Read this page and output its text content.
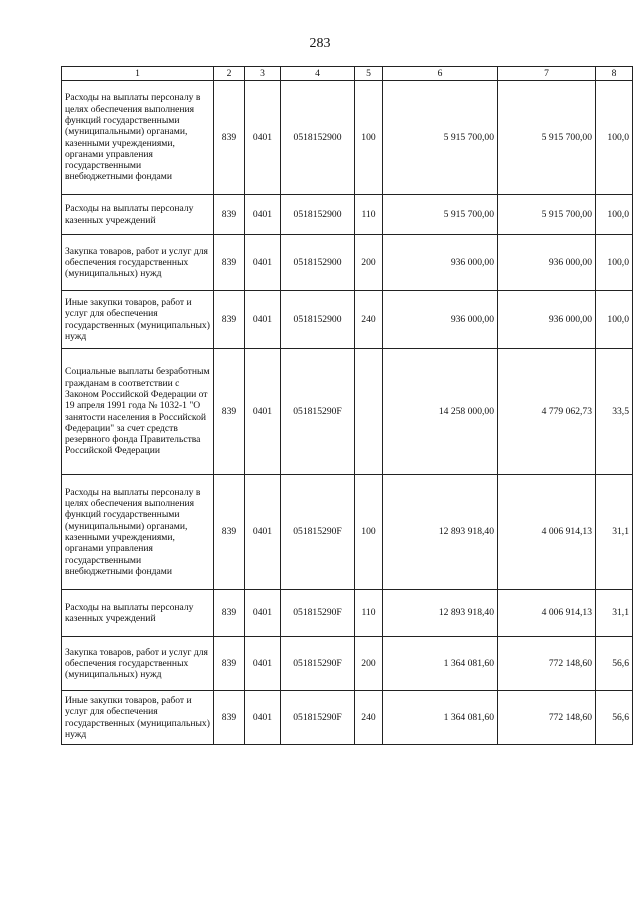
283
1	2	3	4	5	6	7	8
Расходы на выплаты персоналу в целях обеспечения выполнения функций государственными (муниципальными) органами, казенными учреждениями, органами управления государственными внебюджетными фондами	839	0401	0518152900	100	5 915 700,00	5 915 700,00	100,0
Расходы на выплаты персоналу казенных учреждений	839	0401	0518152900	110	5 915 700,00	5 915 700,00	100,0
Закупка товаров, работ и услуг для обеспечения государственных (муниципальных) нужд	839	0401	0518152900	200	936 000,00	936 000,00	100,0
Иные закупки товаров, работ и услуг для обеспечения государственных (муниципальных) нужд	839	0401	0518152900	240	936 000,00	936 000,00	100,0
Социальные выплаты безработным гражданам в соответствии с Законом Российской Федерации от 19 апреля 1991 года № 1032-1 "О занятости населения в Российской Федерации" за счет средств резервного фонда Правительства Российской Федерации	839	0401	051815290F		14 258 000,00	4 779 062,73	33,5
Расходы на выплаты персоналу в целях обеспечения выполнения функций государственными (муниципальными) органами, казенными учреждениями, органами управления государственными внебюджетными фондами	839	0401	051815290F	100	12 893 918,40	4 006 914,13	31,1
Расходы на выплаты персоналу казенных учреждений	839	0401	051815290F	110	12 893 918,40	4 006 914,13	31,1
Закупка товаров, работ и услуг для обеспечения государственных (муниципальных) нужд	839	0401	051815290F	200	1 364 081,60	772 148,60	56,6
Иные закупки товаров, работ и услуг для обеспечения государственных (муниципальных) нужд	839	0401	051815290F	240	1 364 081,60	772 148,60	56,6
